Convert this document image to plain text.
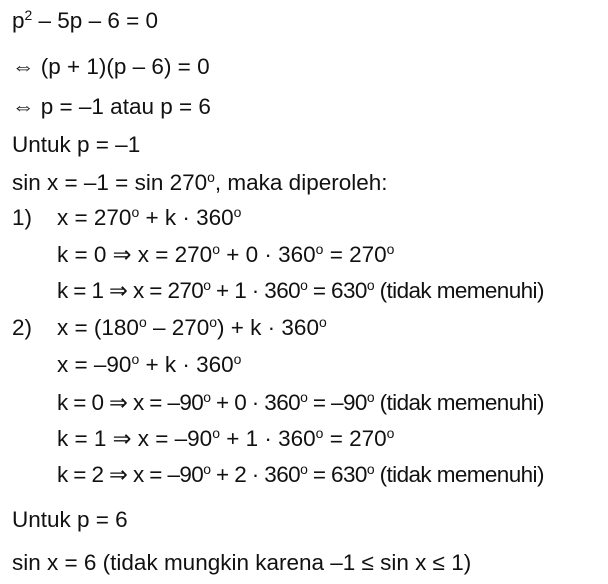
$p^2 - 5p - 6 = 0$
⇔ (p + 1)(p – 6) = 0
⇔ p = –1 atau p = 6
Untuk p = –1
sin x = –1 = sin 270$^o$, maka diperoleh:
1) $x = 270^o + k \cdot 360^o$
k = 0 ⇒ $x = 270^o + 0 \cdot 360^o = 270^o$
k = 1 ⇒ $x = 270^o + 1 \cdot 360^o = 630^o$ (tidak memenuhi)
2) $x = (180^o - 270^o) + k \cdot 360^o$
$x = -90^o + k \cdot 360^o$
k = 0 ⇒ $x = -90^o + 0 \cdot 360^o = -90^o$ (tidak memenuhi)
k = 1 ⇒ $x = -90^o + 1 \cdot 360^o = 270^o$
k = 2 ⇒ $x = -90^o + 2 \cdot 360^o = 630^o$ (tidak memenuhi)
Untuk p = 6
sin x = 6 (tidak mungkin karena –1 ≤ sin x ≤ 1)
